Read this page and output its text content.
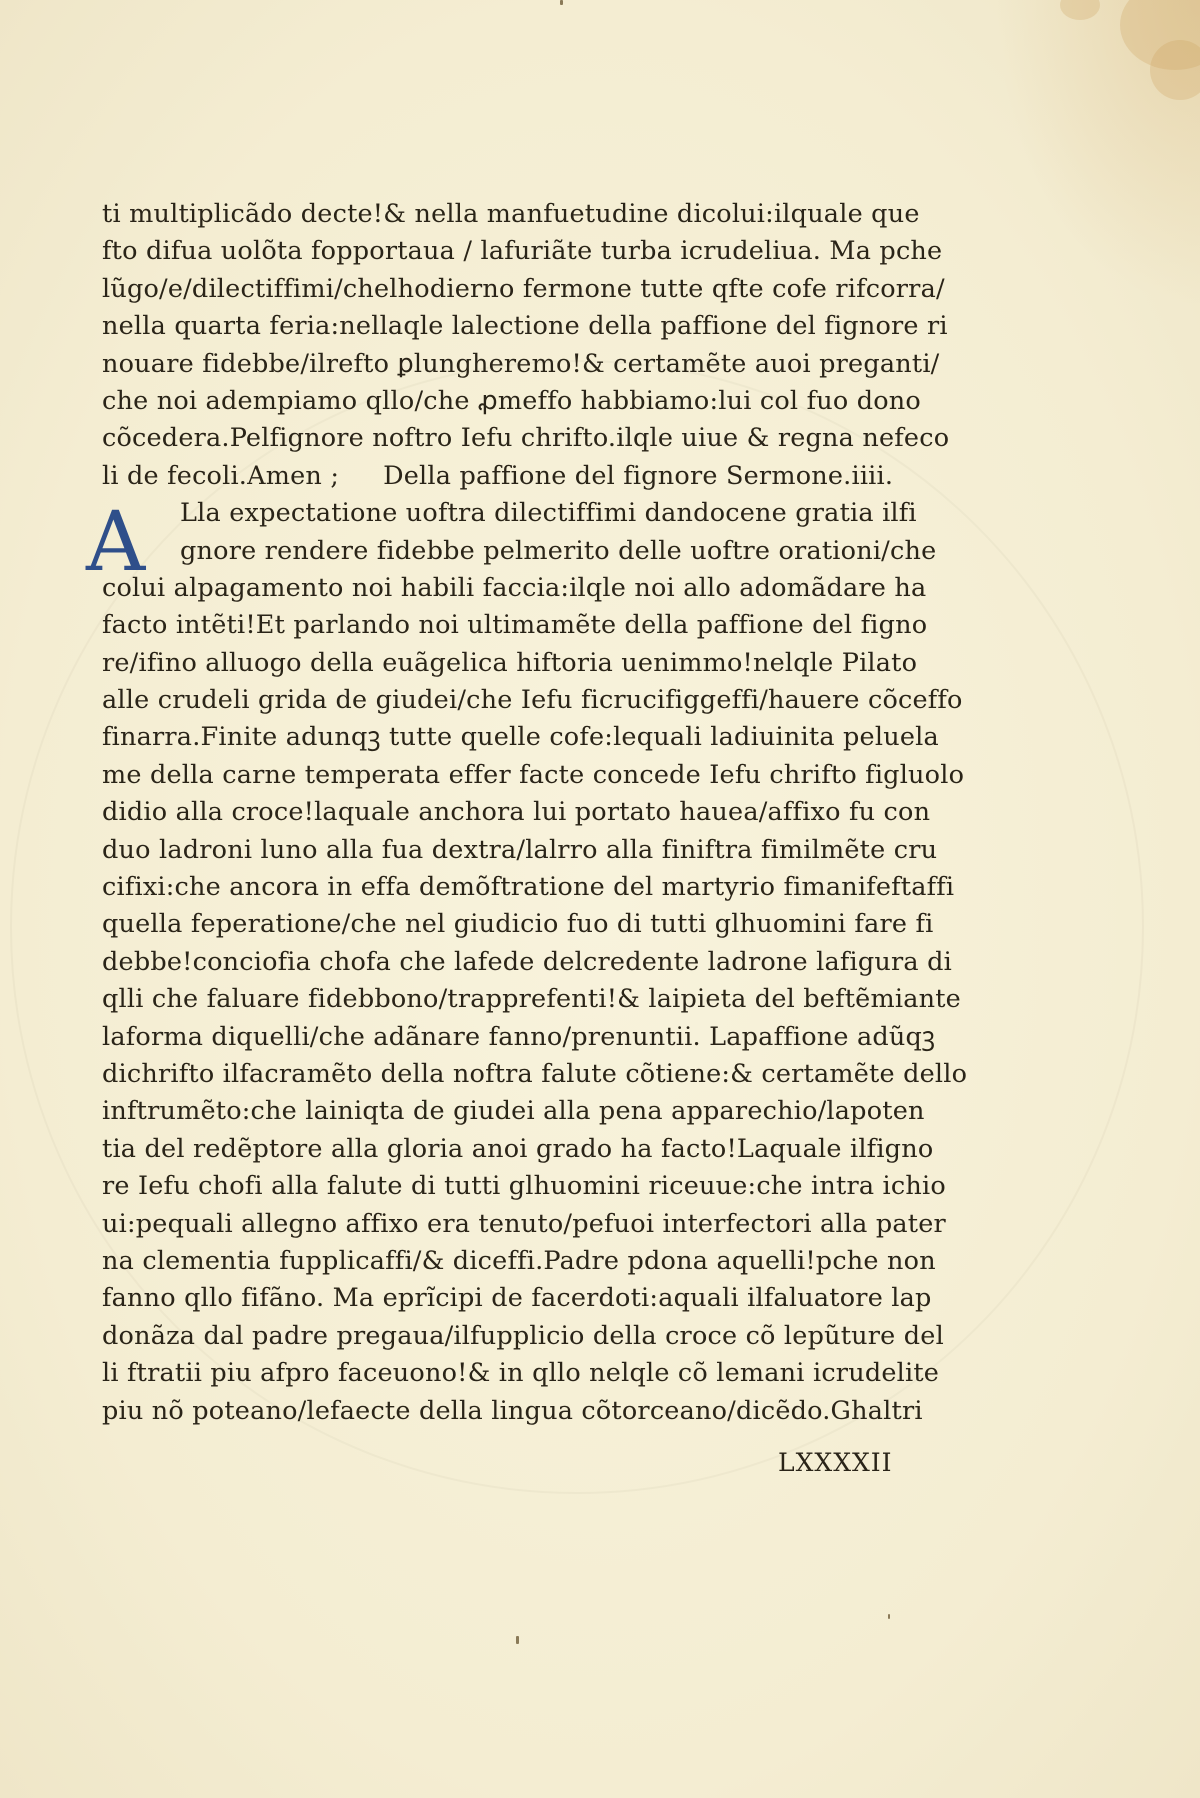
A
ti multiplicãdo decte!& nella manfuetudine dicolui:ilquale que
fto difua uolõta fopportaua / lafuriãte turba icrudeliua. Ma pche
lũgo/e/dilectiffimi/chelhodierno fermone tutte qfte cofe rifcorra/
nella quarta feria:nellaqle lalectione della paffione del fignore ri
nouare fidebbe/ilrefto ꝑlungheremo!& certamẽte auoi preganti/
che noi adempiamo qllo/che ꝓmeffo habbiamo:lui col fuo dono
cõcedera.Pelfignore noftro Iefu chrifto.ilqle uiue & regna nefeco
li de fecoli.Amen ; Della paffione del fignore Sermone.iiii.
Lla expectatione uoftra dilectiffimi dandocene gratia ilfi
gnore rendere fidebbe pelmerito delle uoftre orationi/che
colui alpagamento noi habili faccia:ilqle noi allo adomãdare ha
facto intẽti!Et parlando noi ultimamẽte della paffione del figno
re/ifino alluogo della euãgelica hiftoria uenimmo!nelqle Pilato
alle crudeli grida de giudei/che Iefu ficrucifiggeffi/hauere cõceffo
finarra.Finite adunqꝫ tutte quelle cofe:lequali ladiuinita peluela
me della carne temperata effer facte concede Iefu chrifto figluolo
didio alla croce!laquale anchora lui portato hauea/affixo fu con
duo ladroni luno alla fua dextra/lalrro alla finiftra fimilmẽte cru
cifixi:che ancora in effa demõftratione del martyrio fimanifeftaffi
quella feperatione/che nel giudicio fuo di tutti glhuomini fare fi
debbe!conciofia chofa che lafede delcredente ladrone lafigura di
qlli che faluare fidebbono/trapprefenti!& laipieta del beftẽmiante
laforma diquelli/che adãnare fanno/prenuntii. Lapaffione adũqꝫ
dichrifto ilfacramẽto della noftra falute cõtiene:& certamẽte dello
inftrumẽto:che lainiqta de giudei alla pena apparechio/lapoten
tia del redẽptore alla gloria anoi grado ha facto!Laquale ilfigno
re Iefu chofi alla falute di tutti glhuomini riceuue:che intra ichio
ui:pequali allegno affixo era tenuto/pefuoi interfectori alla pater
na clementia fupplicaffi/& diceffi.Padre pdona aquelli!pche non
fanno qllo fifãno. Ma eprĩcipi de facerdoti:aquali ilfaluatore lap
donãza dal padre pregaua/ilfupplicio della croce cõ lepũture del
li ftratii piu afpro faceuono!& in qllo nelqle cõ lemani icrudelite
piu nõ poteano/lefaecte della lingua cõtorceano/dicẽdo.Ghaltri
LXXXXII
